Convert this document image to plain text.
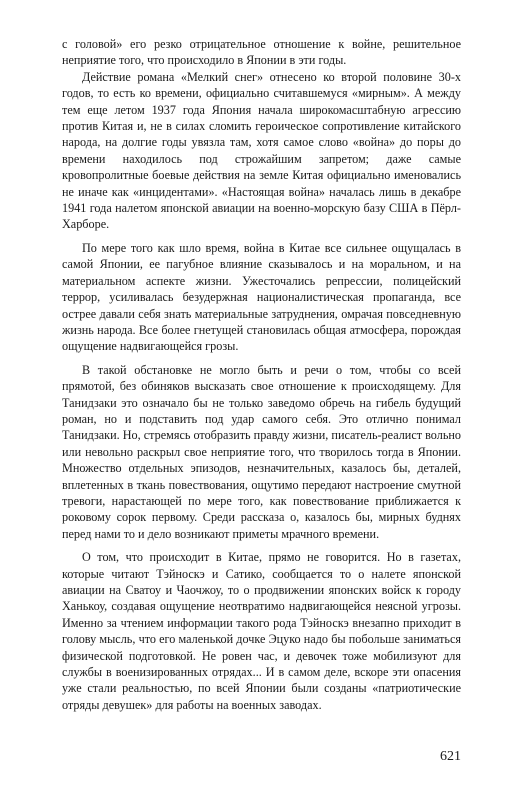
с головой» его резко отрицательное отношение к войне, решительное неприятие того, что происходило в Японии в эти годы.

Действие романа «Мелкий снег» отнесено ко второй половине 30-х годов, то есть ко времени, официально считавшемуся «мирным». А между тем еще летом 1937 года Япония начала широкомасштабную агрессию против Китая и, не в силах сломить героическое сопротивление китайского народа, на долгие годы увязла там, хотя самое слово «война» до поры до времени находилось под строжайшим запретом; даже самые кровопролитные боевые действия на земле Китая официально именовались не иначе как «инцидентами». «Настоящая война» началась лишь в декабре 1941 года налетом японской авиации на военно-морскую базу США в Пёрл-Харборе.

По мере того как шло время, война в Китае все сильнее ощущалась в самой Японии, ее пагубное влияние сказывалось и на моральном, и на материальном аспекте жизни. Ужесточались репрессии, полицейский террор, усиливалась безудержная националистическая пропаганда, все острее давали себя знать материальные затруднения, омрачая повседневную жизнь народа. Все более гнетущей становилась общая атмосфера, порождая ощущение надвигающейся грозы.

В такой обстановке не могло быть и речи о том, чтобы со всей прямотой, без обиняков высказать свое отношение к происходящему. Для Танидзаки это означало бы не только заведомо обречь на гибель будущий роман, но и подставить под удар самого себя. Это отлично понимал Танидзаки. Но, стремясь отобразить правду жизни, писатель-реалист вольно или невольно раскрыл свое неприятие того, что творилось тогда в Японии. Множество отдельных эпизодов, незначительных, казалось бы, деталей, вплетенных в ткань повествования, ощутимо передают настроение смутной тревоги, нарастающей по мере того, как повествование приближается к роковому сорок первому. Среди рассказа о, казалось бы, мирных буднях перед нами то и дело возникают приметы мрачного времени.

О том, что происходит в Китае, прямо не говорится. Но в газетах, которые читают Тэйноскэ и Сатико, сообщается то о налете японской авиации на Сватоу и Чаочжоу, то о продвижении японских войск к городу Ханькоу, создавая ощущение неотвратимо надвигающейся неясной угрозы. Именно за чтением информации такого рода Тэйноскэ внезапно приходит в голову мысль, что его маленькой дочке Эцуко надо бы побольше заниматься физической подготовкой. Не ровен час, и девочек тоже мобилизуют для службы в военизированных отрядах... И в самом деле, вскоре эти опасения уже стали реальностью, по всей Японии были созданы «патриотические отряды девушек» для работы на военных заводах.

621
